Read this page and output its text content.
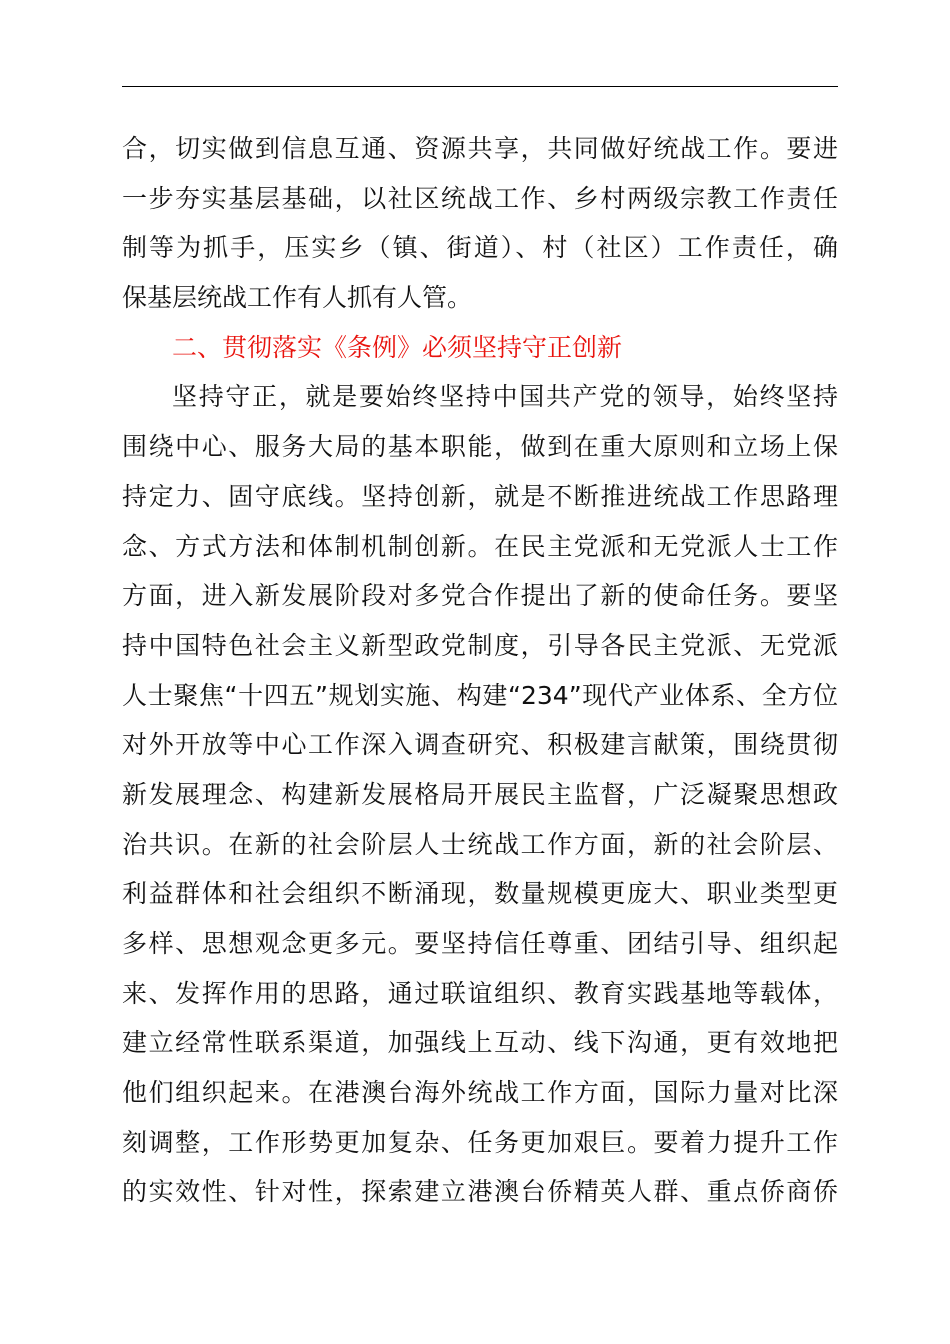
合，切实做到信息互通、资源共享，共同做好统战工作。要进
一步夯实基层基础，以社区统战工作、乡村两级宗教工作责任
制等为抓手，压实乡（镇、街道）、村（社区）工作责任，确
保基层统战工作有人抓有人管。
二、贯彻落实《条例》必须坚持守正创新
坚持守正，就是要始终坚持中国共产党的领导，始终坚持
围绕中心、服务大局的基本职能，做到在重大原则和立场上保
持定力、固守底线。坚持创新，就是不断推进统战工作思路理
念、方式方法和体制机制创新。在民主党派和无党派人士工作
方面，进入新发展阶段对多党合作提出了新的使命任务。要坚
持中国特色社会主义新型政党制度，引导各民主党派、无党派
人士聚焦“十四五”规划实施、构建“234”现代产业体系、全方位
对外开放等中心工作深入调查研究、积极建言献策，围绕贯彻
新发展理念、构建新发展格局开展民主监督，广泛凝聚思想政
治共识。在新的社会阶层人士统战工作方面，新的社会阶层、
利益群体和社会组织不断涌现，数量规模更庞大、职业类型更
多样、思想观念更多元。要坚持信任尊重、团结引导、组织起
来、发挥作用的思路，通过联谊组织、教育实践基地等载体，
建立经常性联系渠道，加强线上互动、线下沟通，更有效地把
他们组织起来。在港澳台海外统战工作方面，国际力量对比深
刻调整，工作形势更加复杂、任务更加艰巨。要着力提升工作
的实效性、针对性，探索建立港澳台侨精英人群、重点侨商侨
